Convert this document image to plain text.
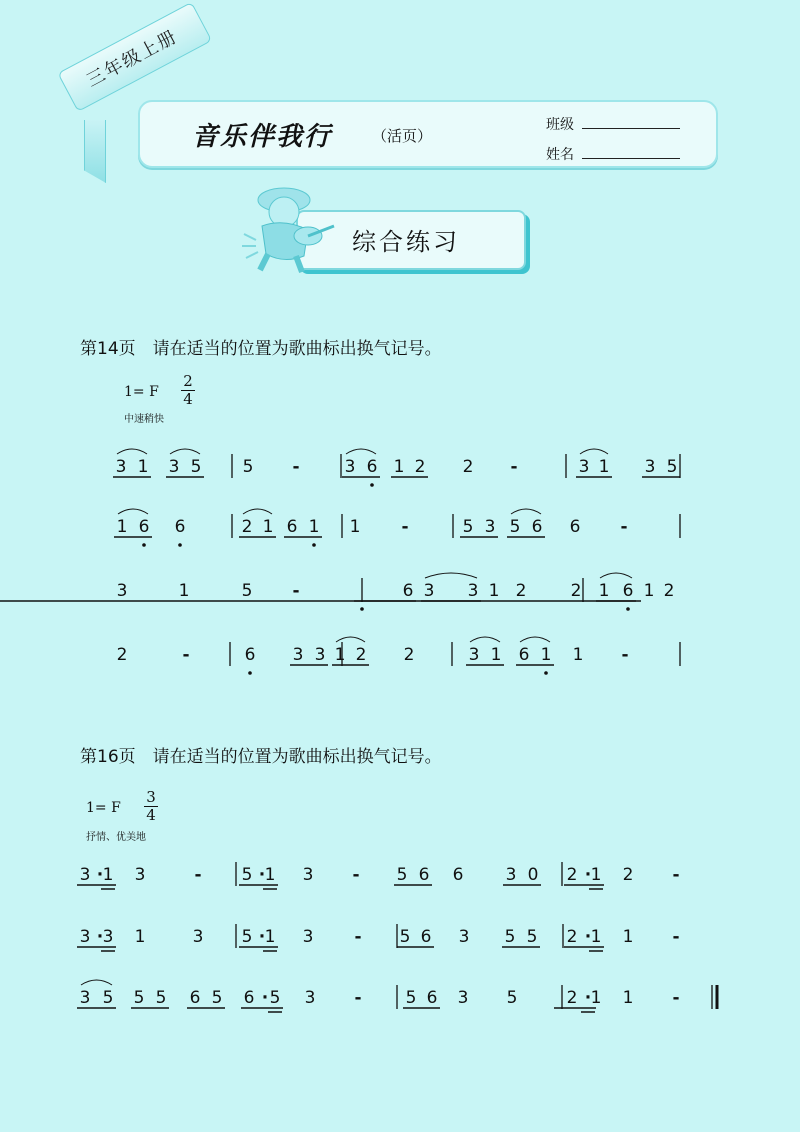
三年级上册
音乐伴我行	（活页）
班级
姓名
综合练习
第14页　请在适当的位置为歌曲标出换气记号。
1= F
2
4
中速稍快
第16页　请在适当的位置为歌曲标出换气记号。
1= F
3
4
抒情、优美地
3 1 3 5 5 -	3 6 1 2 2 -	3 1 3 5
1 6 6	2 1 6 1 1 -	5 3 5 6 6 -
3	1	5 -	6 3 3 1 2	2 1 6 1 2
2	-	6 3 3 1 2 2	3 1 6 1 1 -
3 · 1 3	- 5 · 1 3 - 5 6 6 3 0 2 · 1 2 -
3 · 3 1	3 5 · 1 3 - 5 6 3 5 5 2 · 1 1 -
3 5 5 5 6 5 6 · 5 3 -	5 6 3 5	2 · 1 1 -
